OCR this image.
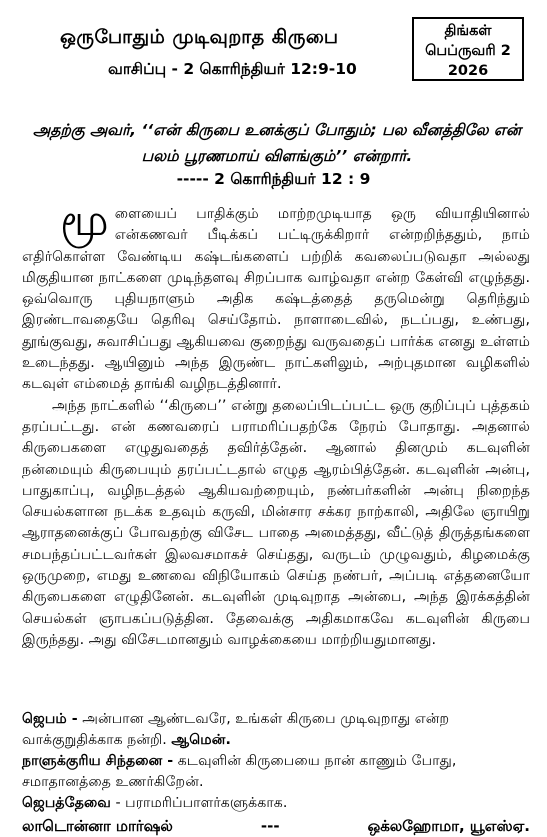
ஒருபோதும் முடிவுறாத கிருபை
வாசிப்பு - 2 கொரிந்தியர் 12:9-10
திங்கள்
பெப்ருவரி 2
2026
அதற்கு அவர், ‘‘என் கிருபை உனக்குப் போதும்; பல வீனத்திலே என் பலம் பூரணமாய் விளங்கும்’’ என்றார்.
----- 2 கொரிந்தியர் 12 : 9

மூளையைப் பாதிக்கும் மாற்றமுடியாத ஒரு வியாதியினால் என்கணவர் பீடிக்கப் பட்டிருக்கிறார் என்றறிந்ததும், நாம் எதிர்கொள்ள வேண்டிய கஷ்டங்களைப் பற்றிக் கவலைப்படுவதா அல்லது மிகுதியான நாட்களை முடிந்தளவு சிறப்பாக வாழ்வதா என்ற கேள்வி எழுந்தது. ஒவ்வொரு புதியநாளும் அதிக கஷ்டத்தைத் தருமென்று தெரிந்தும் இரண்டாவதையே தெரிவு செய்தோம். நாளாடைவில், நடப்பது, உண்பது, தூங்குவது, சுவாசிப்பது ஆகியவை குறைந்து வருவதைப் பார்க்க எனது உள்ளம் உடைந்தது. ஆயினும் அந்த இருண்ட நாட்களிலும், அற்புதமான வழிகளில் கடவுள் எம்மைத் தாங்கி வழிநடத்தினார்.

அந்த நாட்களில் ‘‘கிருபை’’ என்று தலைப்பிடப்பட்ட ஒரு குறிப்புப் புத்தகம் தரப்பட்டது. என் கணவரைப் பராமரிப்பதற்கே நேரம் போதாது. அதனால் கிருபைகளை எழுதுவதைத் தவிர்த்தேன். ஆனால் தினமும் கடவுளின் நன்மையும் கிருபையும் தரப்பட்டதால் எழுத ஆரம்பித்தேன். கடவுளின் அன்பு, பாதுகாப்பு, வழிநடத்தல் ஆகியவற்றையும், நண்பர்களின் அன்பு நிறைந்த செயல்களான நடக்க உதவும் கருவி, மின்சார சக்கர நாற்காலி, அதிலே ஞாயிறு ஆராதனைக்குப் போவதற்கு விசேட பாதை அமைத்தது, வீட்டுத் திருத்தங்களை சமபந்தப்பட்டவர்கள் இலவசமாகச் செய்தது, வருடம் முழுவதும், கிழமைக்கு ஒருமுறை, எமது உணவை விநியோகம் செய்த நண்பர், அப்படி எத்தனையோ கிருபைகளை எழுதினேன். கடவுளின் முடிவுறாத அன்பை, அந்த இரக்கத்தின் செயல்கள் ஞாபகப்படுத்தின. தேவைக்கு அதிகமாகவே கடவுளின் கிருபை இருந்தது. அது விசேடமானதும் வாழக்கையை மாற்றியதுமானது.

ஜெபம் - அன்பான ஆண்டவரே, உங்கள் கிருபை முடிவுறாது என்ற வாக்குறுதிக்காக நன்றி. ஆமென்.
நாளுக்குரிய சிந்தனை - கடவுளின் கிருபையை நான் காணும் போது, சமாதானத்தை உணர்கிறேன்.
ஜெபத்தேவை - பராமரிப்பாளர்களுக்காக.
லாடொன்னா மார்ஷல்	---	ஒக்லஹோமா, யூஎஸ்ஏ.
